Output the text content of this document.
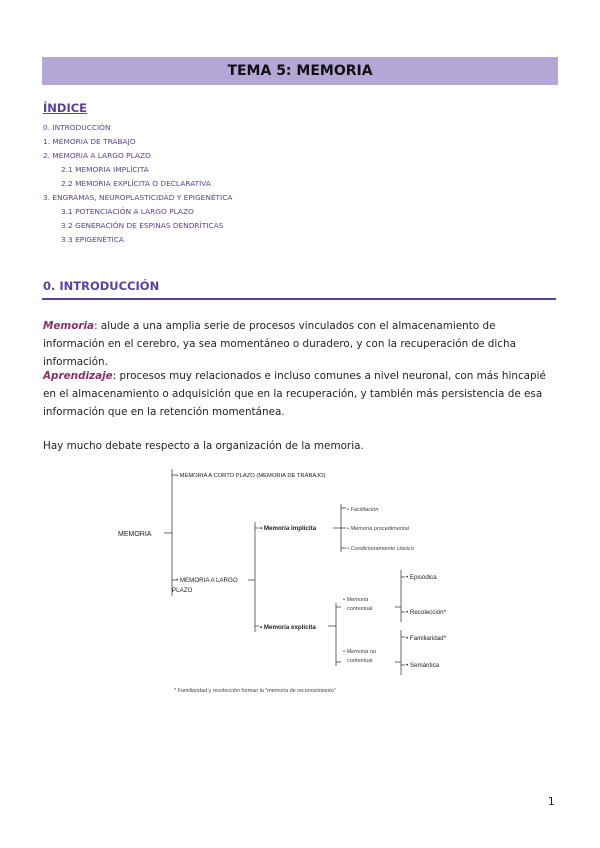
TEMA 5: MEMORIA
ÍNDICE
0. INTRODUCCIÓN
1. MEMORIA DE TRABAJO
2. MEMORIA A LARGO PLAZO
2.1 MEMORIA IMPLÍCITA
2.2 MEMORIA EXPLÍCITA O DECLARATIVA
3. ENGRAMAS, NEUROPLASTICIDAD Y EPIGENÉTICA
3.1 POTENCIACIÓN A LARGO PLAZO
3.2 GENERACIÓN DE ESPINAS DENDRÍTICAS
3.3 EPIGENÉTICA
0. INTRODUCCIÓN

Memoria: alude a una amplia serie de procesos vinculados con el almacenamiento de información en el cerebro, ya sea momentáneo o duradero, y con la recuperación de dicha información.

Aprendizaje: procesos muy relacionados e incluso comunes a nivel neuronal, con más hincapié en el almacenamiento o adquisición que en la recuperación, y también más persistencia de esa información que en la retención momentánea.

Hay mucho debate respecto a la organización de la memoria.

MEMORIA
• MEMORIA A CORTO PLAZO (MEMORIA DE TRABAJO)
• MEMORIA A LARGO
PLAZO
• Memoria implícita
• Facilitación
• Memoria procedimental
• Condicionamiento clásico
• Memoria explícita
• Memoria
contextual
• Episódica
• Recolección*
• Memoria no
contextual
• Familiaridad*
• Semántica
* Familiaridad y recolección forman la "memoria de reconocimiento"
1
